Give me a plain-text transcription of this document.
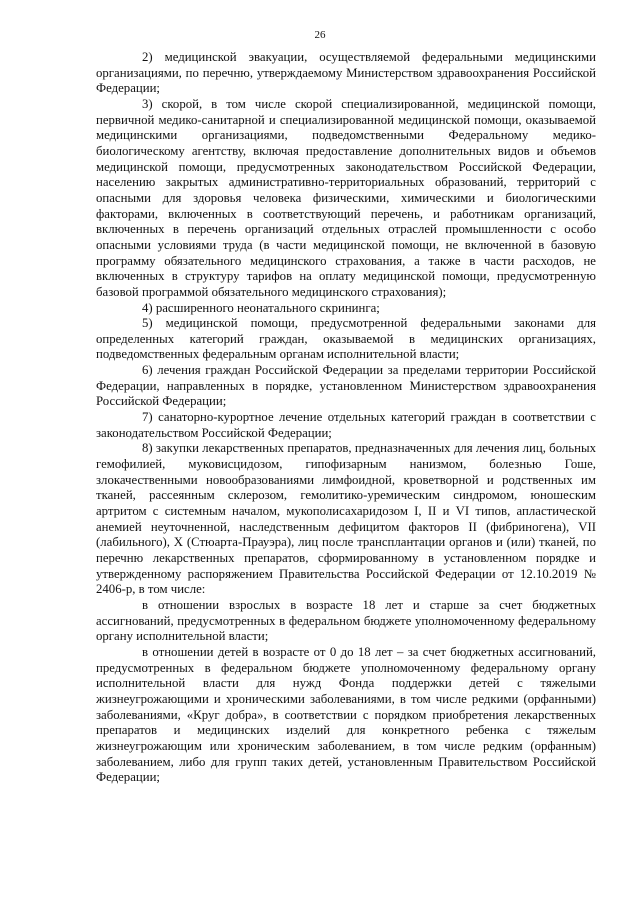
26

2) медицинской эвакуации, осуществляемой федеральными медицинскими организациями, по перечню, утверждаемому Министерством здравоохранения Российской Федерации;

3) скорой, в том числе скорой специализированной, медицинской помощи, первичной медико-санитарной и специализированной медицинской помощи, оказываемой медицинскими организациями, подведомственными Федеральному медико-биологическому агентству, включая предоставление дополнительных видов и объемов медицинской помощи, предусмотренных законодательством Российской Федерации, населению закрытых административно-территориальных образований, территорий с опасными для здоровья человека физическими, химическими и биологическими факторами, включенных в соответствующий перечень, и работникам организаций, включенных в перечень организаций отдельных отраслей промышленности с особо опасными условиями труда (в части медицинской помощи, не включенной в базовую программу обязательного медицинского страхования, а также в части расходов, не включенных в структуру тарифов на оплату медицинской помощи, предусмотренную базовой программой обязательного медицинского страхования);

4) расширенного неонатального скрининга;

5) медицинской помощи, предусмотренной федеральными законами для определенных категорий граждан, оказываемой в медицинских организациях, подведомственных федеральным органам исполнительной власти;

6) лечения граждан Российской Федерации за пределами территории Российской Федерации, направленных в порядке, установленном Министерством здравоохранения Российской Федерации;

7) санаторно-курортное лечение отдельных категорий граждан в соответствии с законодательством Российской Федерации;

8) закупки лекарственных препаратов, предназначенных для лечения лиц, больных гемофилией, муковисцидозом, гипофизарным нанизмом, болезнью Гоше, злокачественными новообразованиями лимфоидной, кроветворной и родственных им тканей, рассеянным склерозом, гемолитико-уремическим синдромом, юношеским артритом с системным началом, мукополисахаридозом I, II и VI типов, апластической анемией неуточненной, наследственным дефицитом факторов II (фибриногена), VII (лабильного), X (Стюарта-Прауэра), лиц после трансплантации органов и (или) тканей, по перечню лекарственных препаратов, сформированному в установленном порядке и утвержденному распоряжением Правительства Российской Федерации от 12.10.2019 № 2406-р, в том числе:

в отношении взрослых в возрасте 18 лет и старше за счет бюджетных ассигнований, предусмотренных в федеральном бюджете уполномоченному федеральному органу исполнительной власти;

в отношении детей в возрасте от 0 до 18 лет – за счет бюджетных ассигнований, предусмотренных в федеральном бюджете уполномоченному федеральному органу исполнительной власти для нужд Фонда поддержки детей с тяжелыми жизнеугрожающими и хроническими заболеваниями, в том числе редкими (орфанными) заболеваниями, «Круг добра», в соответствии с порядком приобретения лекарственных препаратов и медицинских изделий для конкретного ребенка с тяжелым жизнеугрожающим или хроническим заболеванием, в том числе редким (орфанным) заболеванием, либо для групп таких детей, установленным Правительством Российской Федерации;
